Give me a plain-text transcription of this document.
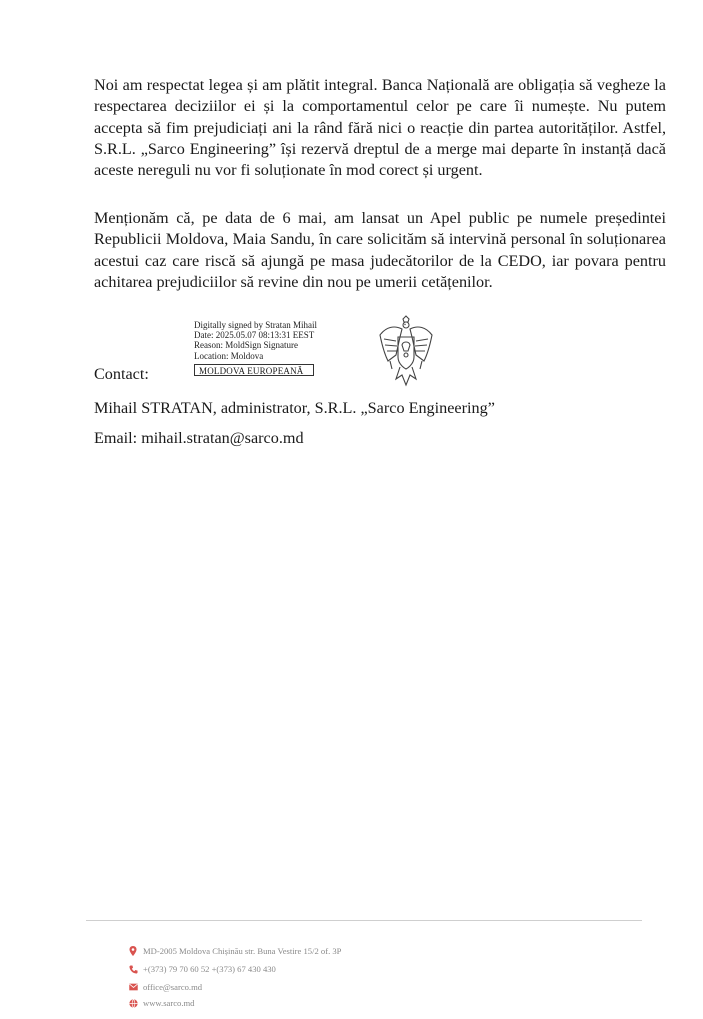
Noi am respectat legea și am plătit integral. Banca Națională are obligația să vegheze la respectarea deciziilor ei și la comportamentul celor pe care îi numește. Nu putem accepta să fim prejudiciați ani la rând fără nici o reacție din partea autorităților. Astfel, S.R.L. „Sarco Engineering” își rezervă dreptul de a merge mai departe în instanță dacă aceste nereguli nu vor fi soluționate în mod corect și urgent.

Menționăm că, pe data de 6 mai, am lansat un Apel public pe numele președintei Republicii Moldova, Maia Sandu, în care solicităm să intervină personal în soluționarea acestui caz care riscă să ajungă pe masa judecătorilor de la CEDO, iar povara pentru achitarea prejudiciilor să revine din nou pe umerii cetățenilor.

Digitally signed by Stratan Mihail

Date: 2025.05.07 08:13:31 EEST

Reason: MoldSign Signature

Location: Moldova

MOLDOVA EUROPEANĂ

Contact:

Mihail STRATAN, administrator, S.R.L. „Sarco Engineering”

Email: mihail.stratan@sarco.md

MD-2005 Moldova Chișinău str. Buna Vestire 15/2 of. 3P
+(373) 79 70 60 52 +(373) 67 430 430
office@sarco.md
www.sarco.md
